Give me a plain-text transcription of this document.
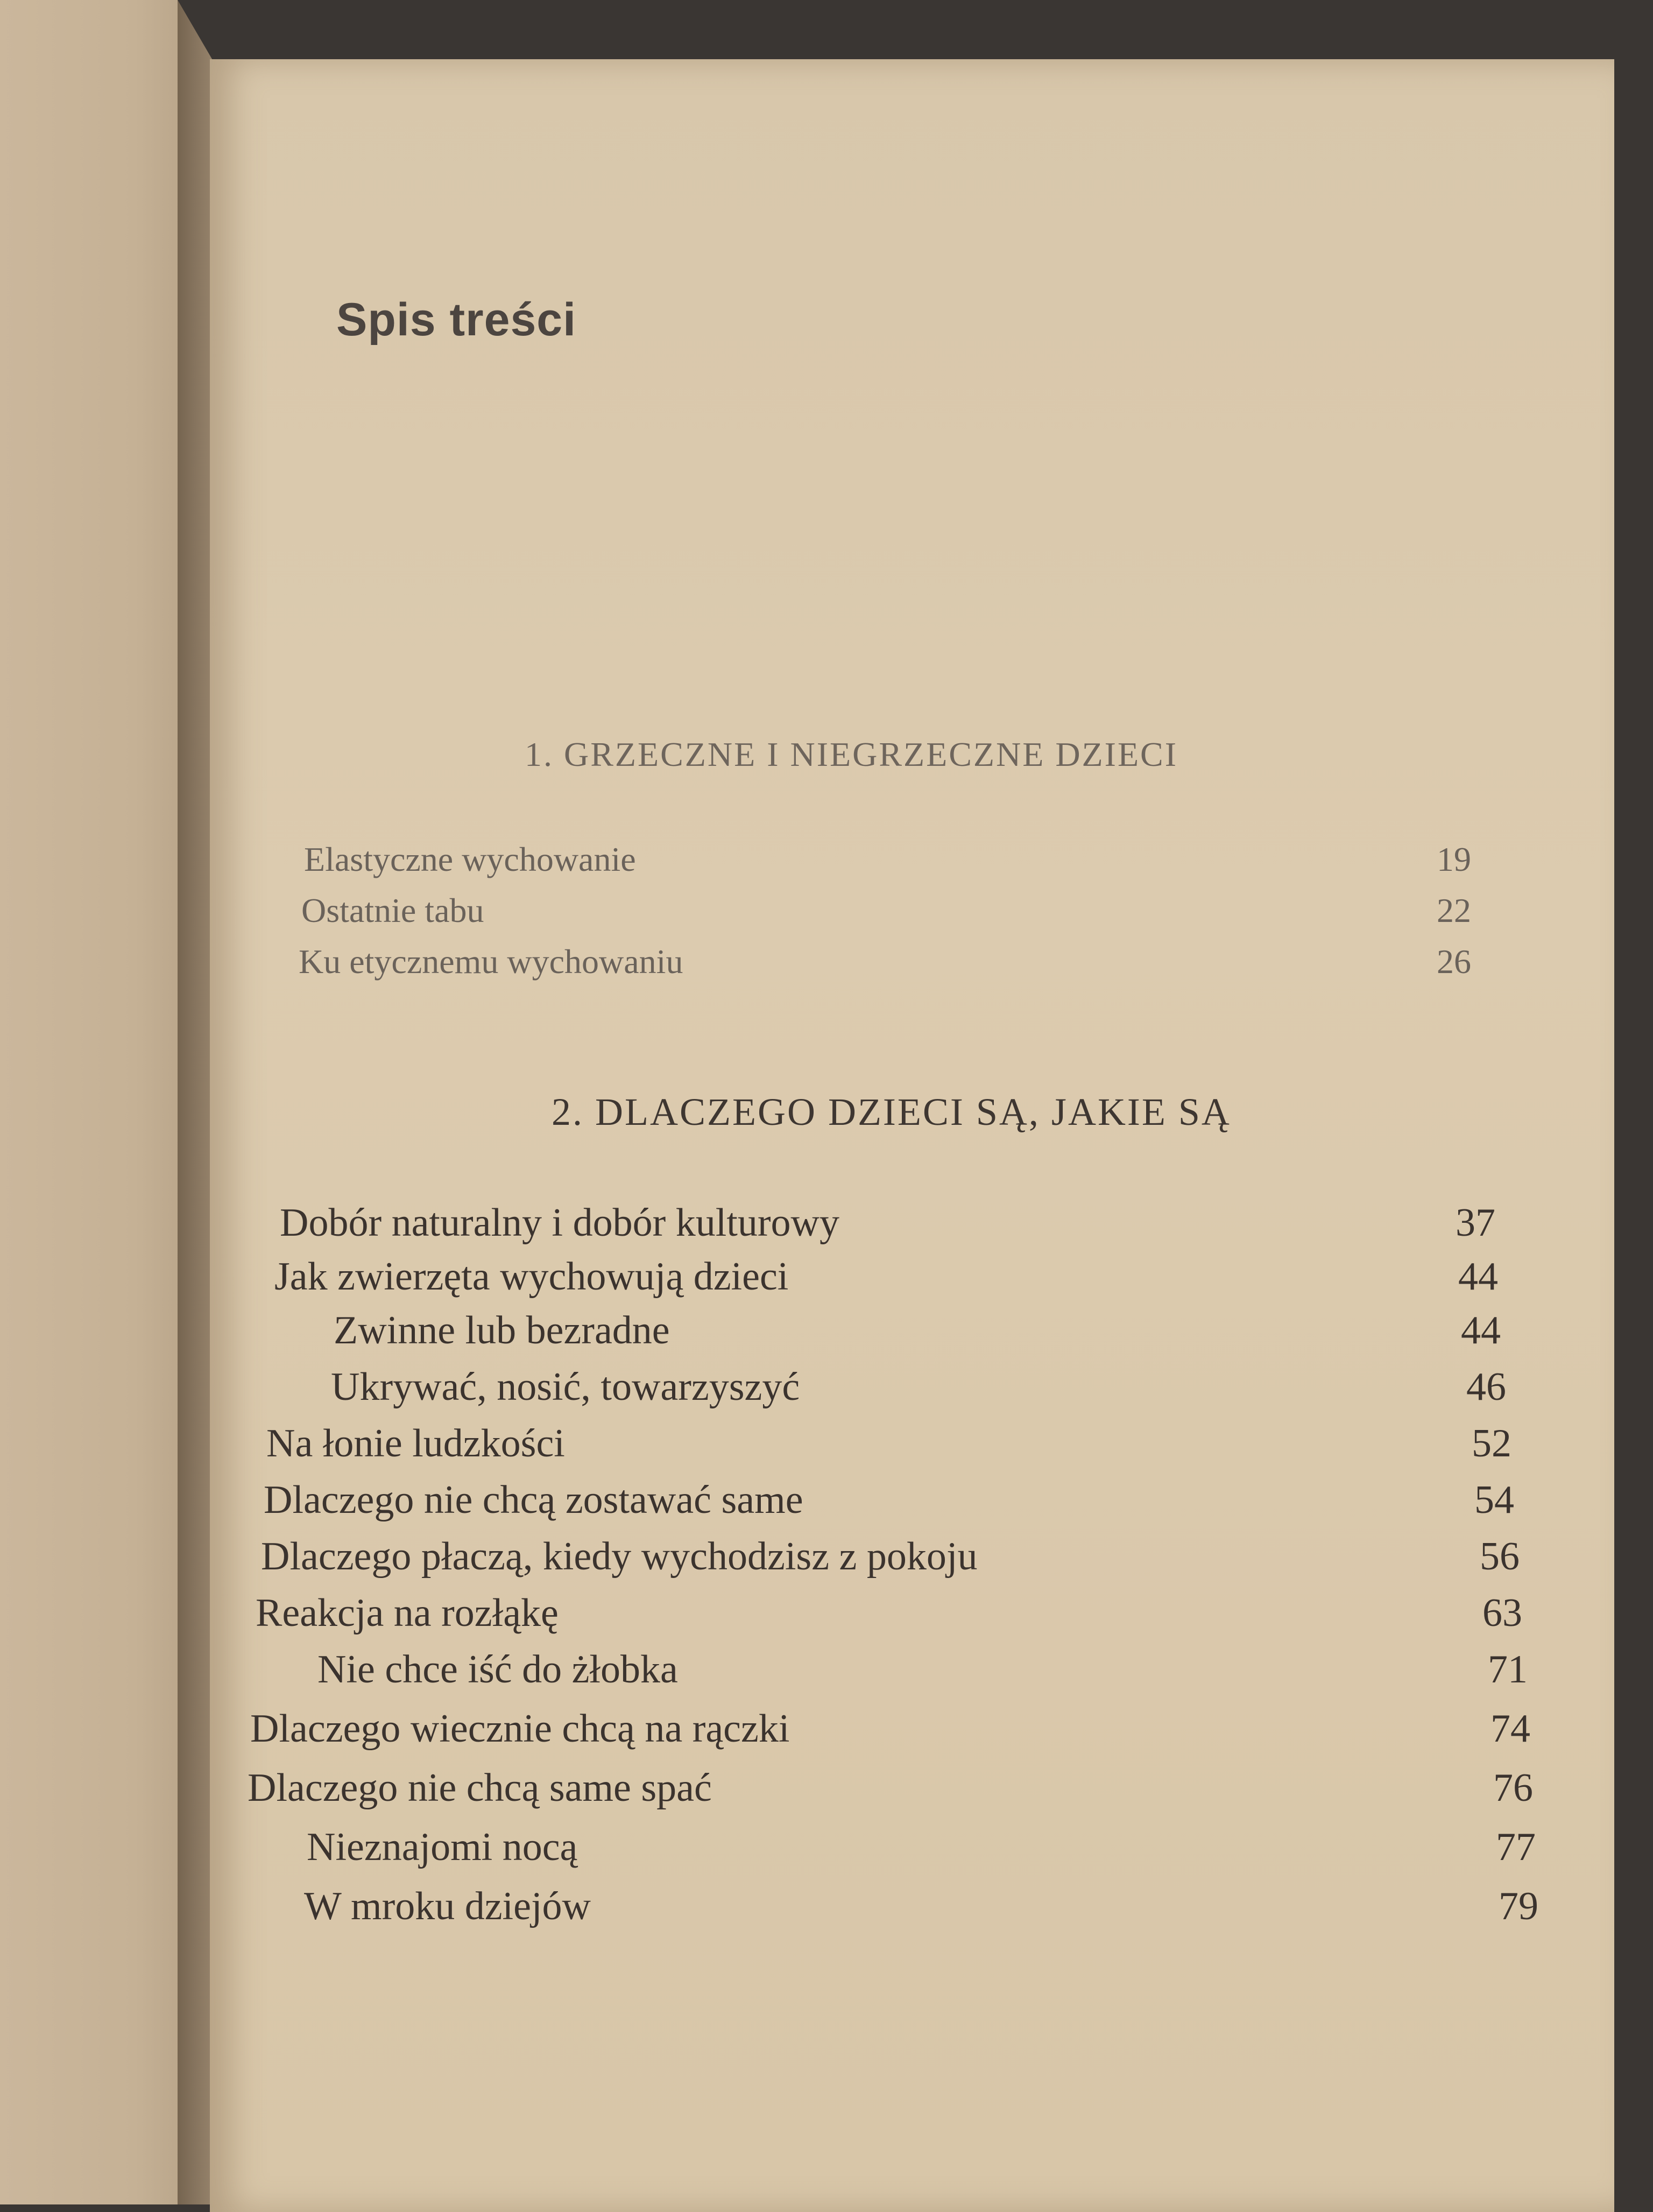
Spis treści
1. GRZECZNE I NIEGRZECZNE DZIECI
Elastyczne wychowanie	19
Ostatnie tabu	22
Ku etycznemu wychowaniu	26
2. DLACZEGO DZIECI SĄ, JAKIE SĄ
Dobór naturalny i dobór kulturowy	37
Jak zwierzęta wychowują dzieci	44
Zwinne lub bezradne	44
Ukrywać, nosić, towarzyszyć	46
Na łonie ludzkości	52
Dlaczego nie chcą zostawać same	54
Dlaczego płaczą, kiedy wychodzisz z pokoju	56
Reakcja na rozłąkę	63
Nie chce iść do żłobka	71
Dlaczego wiecznie chcą na rączki	74
Dlaczego nie chcą same spać	76
Nieznajomi nocą	77
W mroku dziejów	79
